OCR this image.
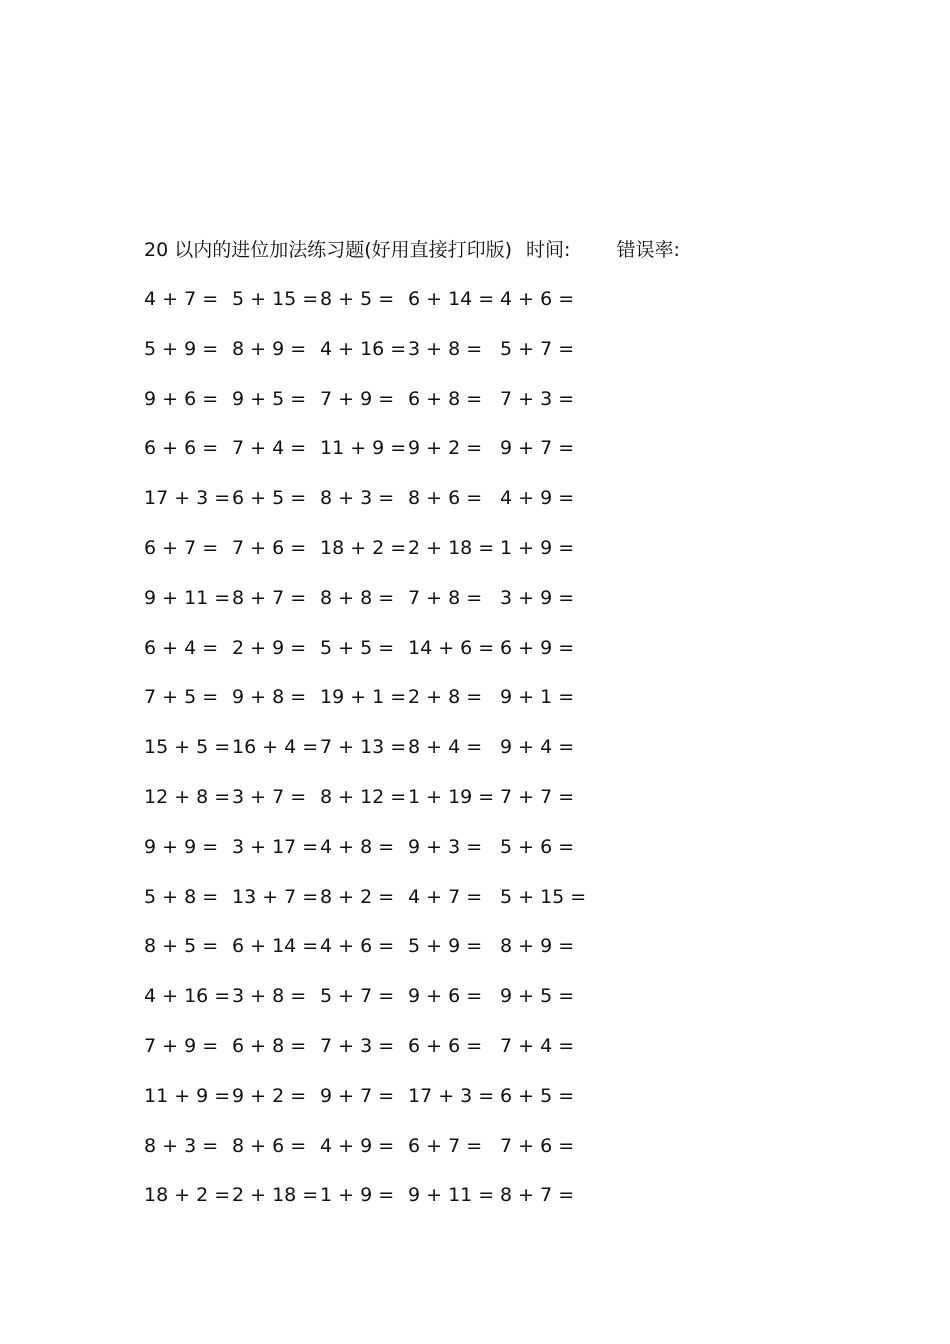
20 以内的进位加法练习题(好用直接打印版) 时间: 错误率:
4 + 7 = 5 + 15 = 8 + 5 = 6 + 14 = 4 + 6 =
5 + 9 = 8 + 9 = 4 + 16 = 3 + 8 = 5 + 7 =
9 + 6 = 9 + 5 = 7 + 9 = 6 + 8 = 7 + 3 =
6 + 6 = 7 + 4 = 11 + 9 = 9 + 2 = 9 + 7 =
17 + 3 = 6 + 5 = 8 + 3 = 8 + 6 = 4 + 9 =
6 + 7 = 7 + 6 = 18 + 2 = 2 + 18 = 1 + 9 =
9 + 11 = 8 + 7 = 8 + 8 = 7 + 8 = 3 + 9 =
6 + 4 = 2 + 9 = 5 + 5 = 14 + 6 = 6 + 9 =
7 + 5 = 9 + 8 = 19 + 1 = 2 + 8 = 9 + 1 =
15 + 5 = 16 + 4 = 7 + 13 = 8 + 4 = 9 + 4 =
12 + 8 = 3 + 7 = 8 + 12 = 1 + 19 = 7 + 7 =
9 + 9 = 3 + 17 = 4 + 8 = 9 + 3 = 5 + 6 =
5 + 8 = 13 + 7 = 8 + 2 = 4 + 7 = 5 + 15 =
8 + 5 = 6 + 14 = 4 + 6 = 5 + 9 = 8 + 9 =
4 + 16 = 3 + 8 = 5 + 7 = 9 + 6 = 9 + 5 =
7 + 9 = 6 + 8 = 7 + 3 = 6 + 6 = 7 + 4 =
11 + 9 = 9 + 2 = 9 + 7 = 17 + 3 = 6 + 5 =
8 + 3 = 8 + 6 = 4 + 9 = 6 + 7 = 7 + 6 =
18 + 2 = 2 + 18 = 1 + 9 = 9 + 11 = 8 + 7 =
